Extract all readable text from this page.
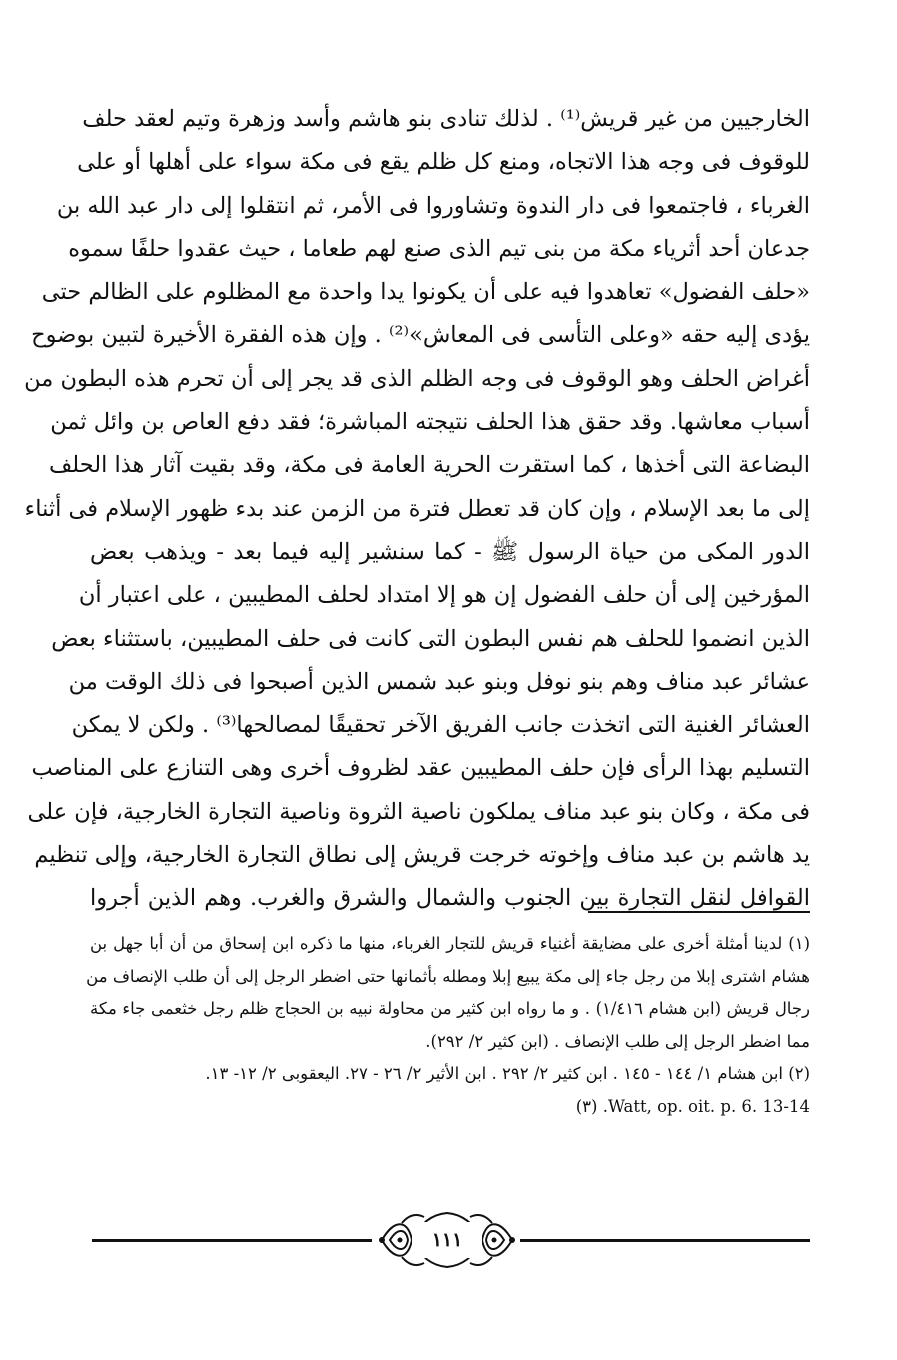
الخارجيين من غير قريش⁽¹⁾ . لذلك تنادى بنو هاشم وأسد وزهرة وتيم لعقد حلف
للوقوف فى وجه هذا الاتجاه، ومنع كل ظلم يقع فى مكة سواء على أهلها أو على
الغرباء ، فاجتمعوا فى دار الندوة وتشاوروا فى الأمر، ثم انتقلوا إلى دار عبد الله بن
جدعان أحد أثرياء مكة من بنى تيم الذى صنع لهم طعاما ، حيث عقدوا حلفًا سموه
«حلف الفضول» تعاهدوا فيه على أن يكونوا يدا واحدة مع المظلوم على الظالم حتى
يؤدى إليه حقه «وعلى التأسى فى المعاش»⁽²⁾ . وإن هذه الفقرة الأخيرة لتبين بوضوح
أغراض الحلف وهو الوقوف فى وجه الظلم الذى قد يجر إلى أن تحرم هذه البطون من
أسباب معاشها. وقد حقق هذا الحلف نتيجته المباشرة؛ فقد دفع العاص بن وائل ثمن
البضاعة التى أخذها ، كما استقرت الحرية العامة فى مكة، وقد بقيت آثار هذا الحلف
إلى ما بعد الإسلام ، وإن كان قد تعطل فترة من الزمن عند بدء ظهور الإسلام فى أثناء
الدور المكى من حياة الرسول ﷺ - كما سنشير إليه فيما بعد - ويذهب بعض
المؤرخين إلى أن حلف الفضول إن هو إلا امتداد لحلف المطيبين ، على اعتبار أن
الذين انضموا للحلف هم نفس البطون التى كانت فى حلف المطيبين، باستثناء بعض
عشائر عبد مناف وهم بنو نوفل وبنو عبد شمس الذين أصبحوا فى ذلك الوقت من
العشائر الغنية التى اتخذت جانب الفريق الآخر تحقيقًا لمصالحها⁽³⁾ . ولكن لا يمكن
التسليم بهذا الرأى فإن حلف المطيبين عقد لظروف أخرى وهى التنازع على المناصب
فى مكة ، وكان بنو عبد مناف يملكون ناصية الثروة وناصية التجارة الخارجية، فإن على
يد هاشم بن عبد مناف وإخوته خرجت قريش إلى نطاق التجارة الخارجية، وإلى تنظيم
القوافل لنقل التجارة بين الجنوب والشمال والشرق والغرب. وهم الذين أجروا
(١) لدينا أمثلة أخرى على مضايقة أغنياء قريش للتجار الغرباء، منها ما ذكره ابن إسحاق من أن أبا جهل بن
هشام اشترى إبلا من رجل جاء إلى مكة يبيع إبلا ومطله بأثمانها حتى اضطر الرجل إلى أن طلب الإنصاف من
رجال قريش (ابن هشام ١/٤١٦) . و ما رواه ابن كثير من محاولة نبيه بن الحجاج ظلم رجل خثعمى جاء مكة
مما اضطر الرجل إلى طلب الإنصاف . (ابن كثير ٢/ ٢٩٢).
(٢) ابن هشام ١/ ١٤٤ - ١٤٥ . ابن كثير ٢/ ٢٩٢ . ابن الأثير ٢/ ٢٦ - ٢٧. اليعقوبى ٢/ ١٢- ١٣.
Watt, op. oit. p. 6. 13-14. (٣)
١١١
